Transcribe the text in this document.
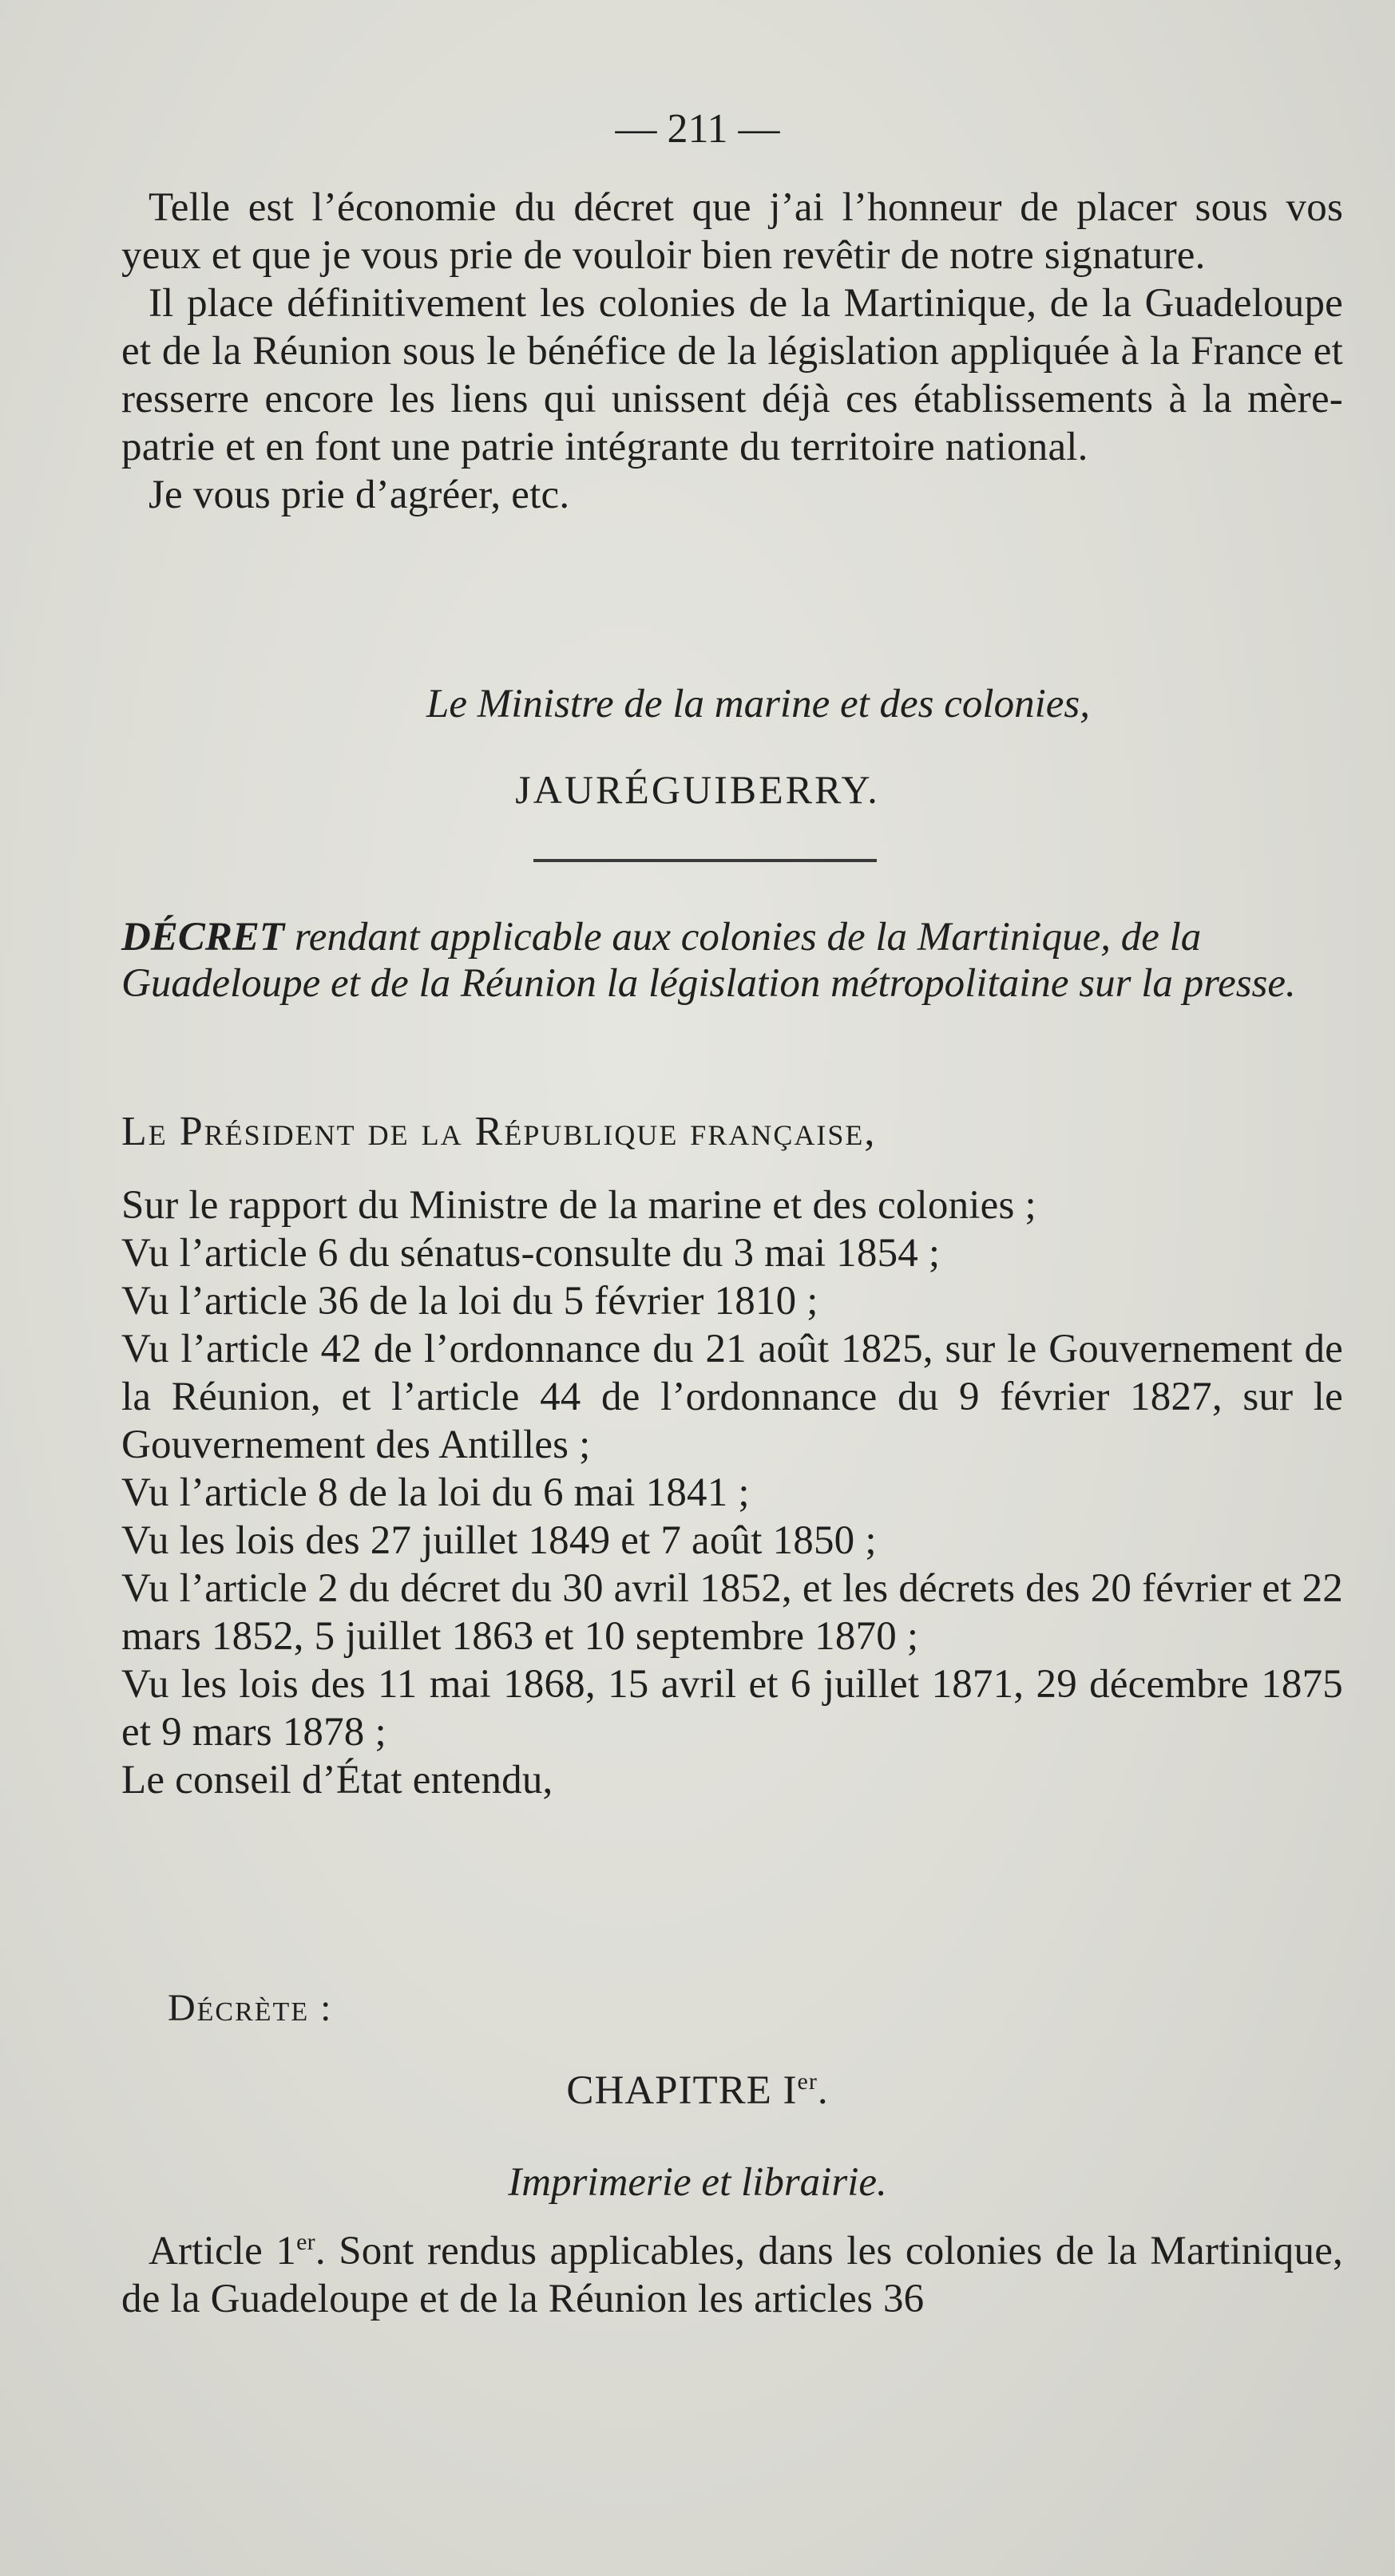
— 211 —

Telle est l’économie du décret que j’ai l’honneur de placer sous vos yeux et que je vous prie de vouloir bien revêtir de notre signature.

Il place définitivement les colonies de la Martinique, de la Guadeloupe et de la Réunion sous le bénéfice de la législation appliquée à la France et resserre encore les liens qui unissent déjà ces établissements à la mère-patrie et en font une patrie intégrante du territoire national.

Je vous prie d’agréer, etc.

Le Ministre de la marine et des colonies,
JAURÉGUIBERRY.
DÉCRET rendant applicable aux colonies de la Martinique, de la Guadeloupe et de la Réunion la législation métropolitaine sur la presse.
Le Président de la République française,

Sur le rapport du Ministre de la marine et des colonies ;

Vu l’article 6 du sénatus-consulte du 3 mai 1854 ;

Vu l’article 36 de la loi du 5 février 1810 ;

Vu l’article 42 de l’ordonnance du 21 août 1825, sur le Gouvernement de la Réunion, et l’article 44 de l’ordonnance du 9 février 1827, sur le Gouvernement des Antilles ;

Vu l’article 8 de la loi du 6 mai 1841 ;

Vu les lois des 27 juillet 1849 et 7 août 1850 ;

Vu l’article 2 du décret du 30 avril 1852, et les décrets des 20 février et 22 mars 1852, 5 juillet 1863 et 10 septembre 1870 ;

Vu les lois des 11 mai 1868, 15 avril et 6 juillet 1871, 29 décembre 1875 et 9 mars 1878 ;

Le conseil d’État entendu,

Décrète :
CHAPITRE Ier.
Imprimerie et librairie.

Article 1er. Sont rendus applicables, dans les colonies de la Martinique, de la Guadeloupe et de la Réunion les articles 36
